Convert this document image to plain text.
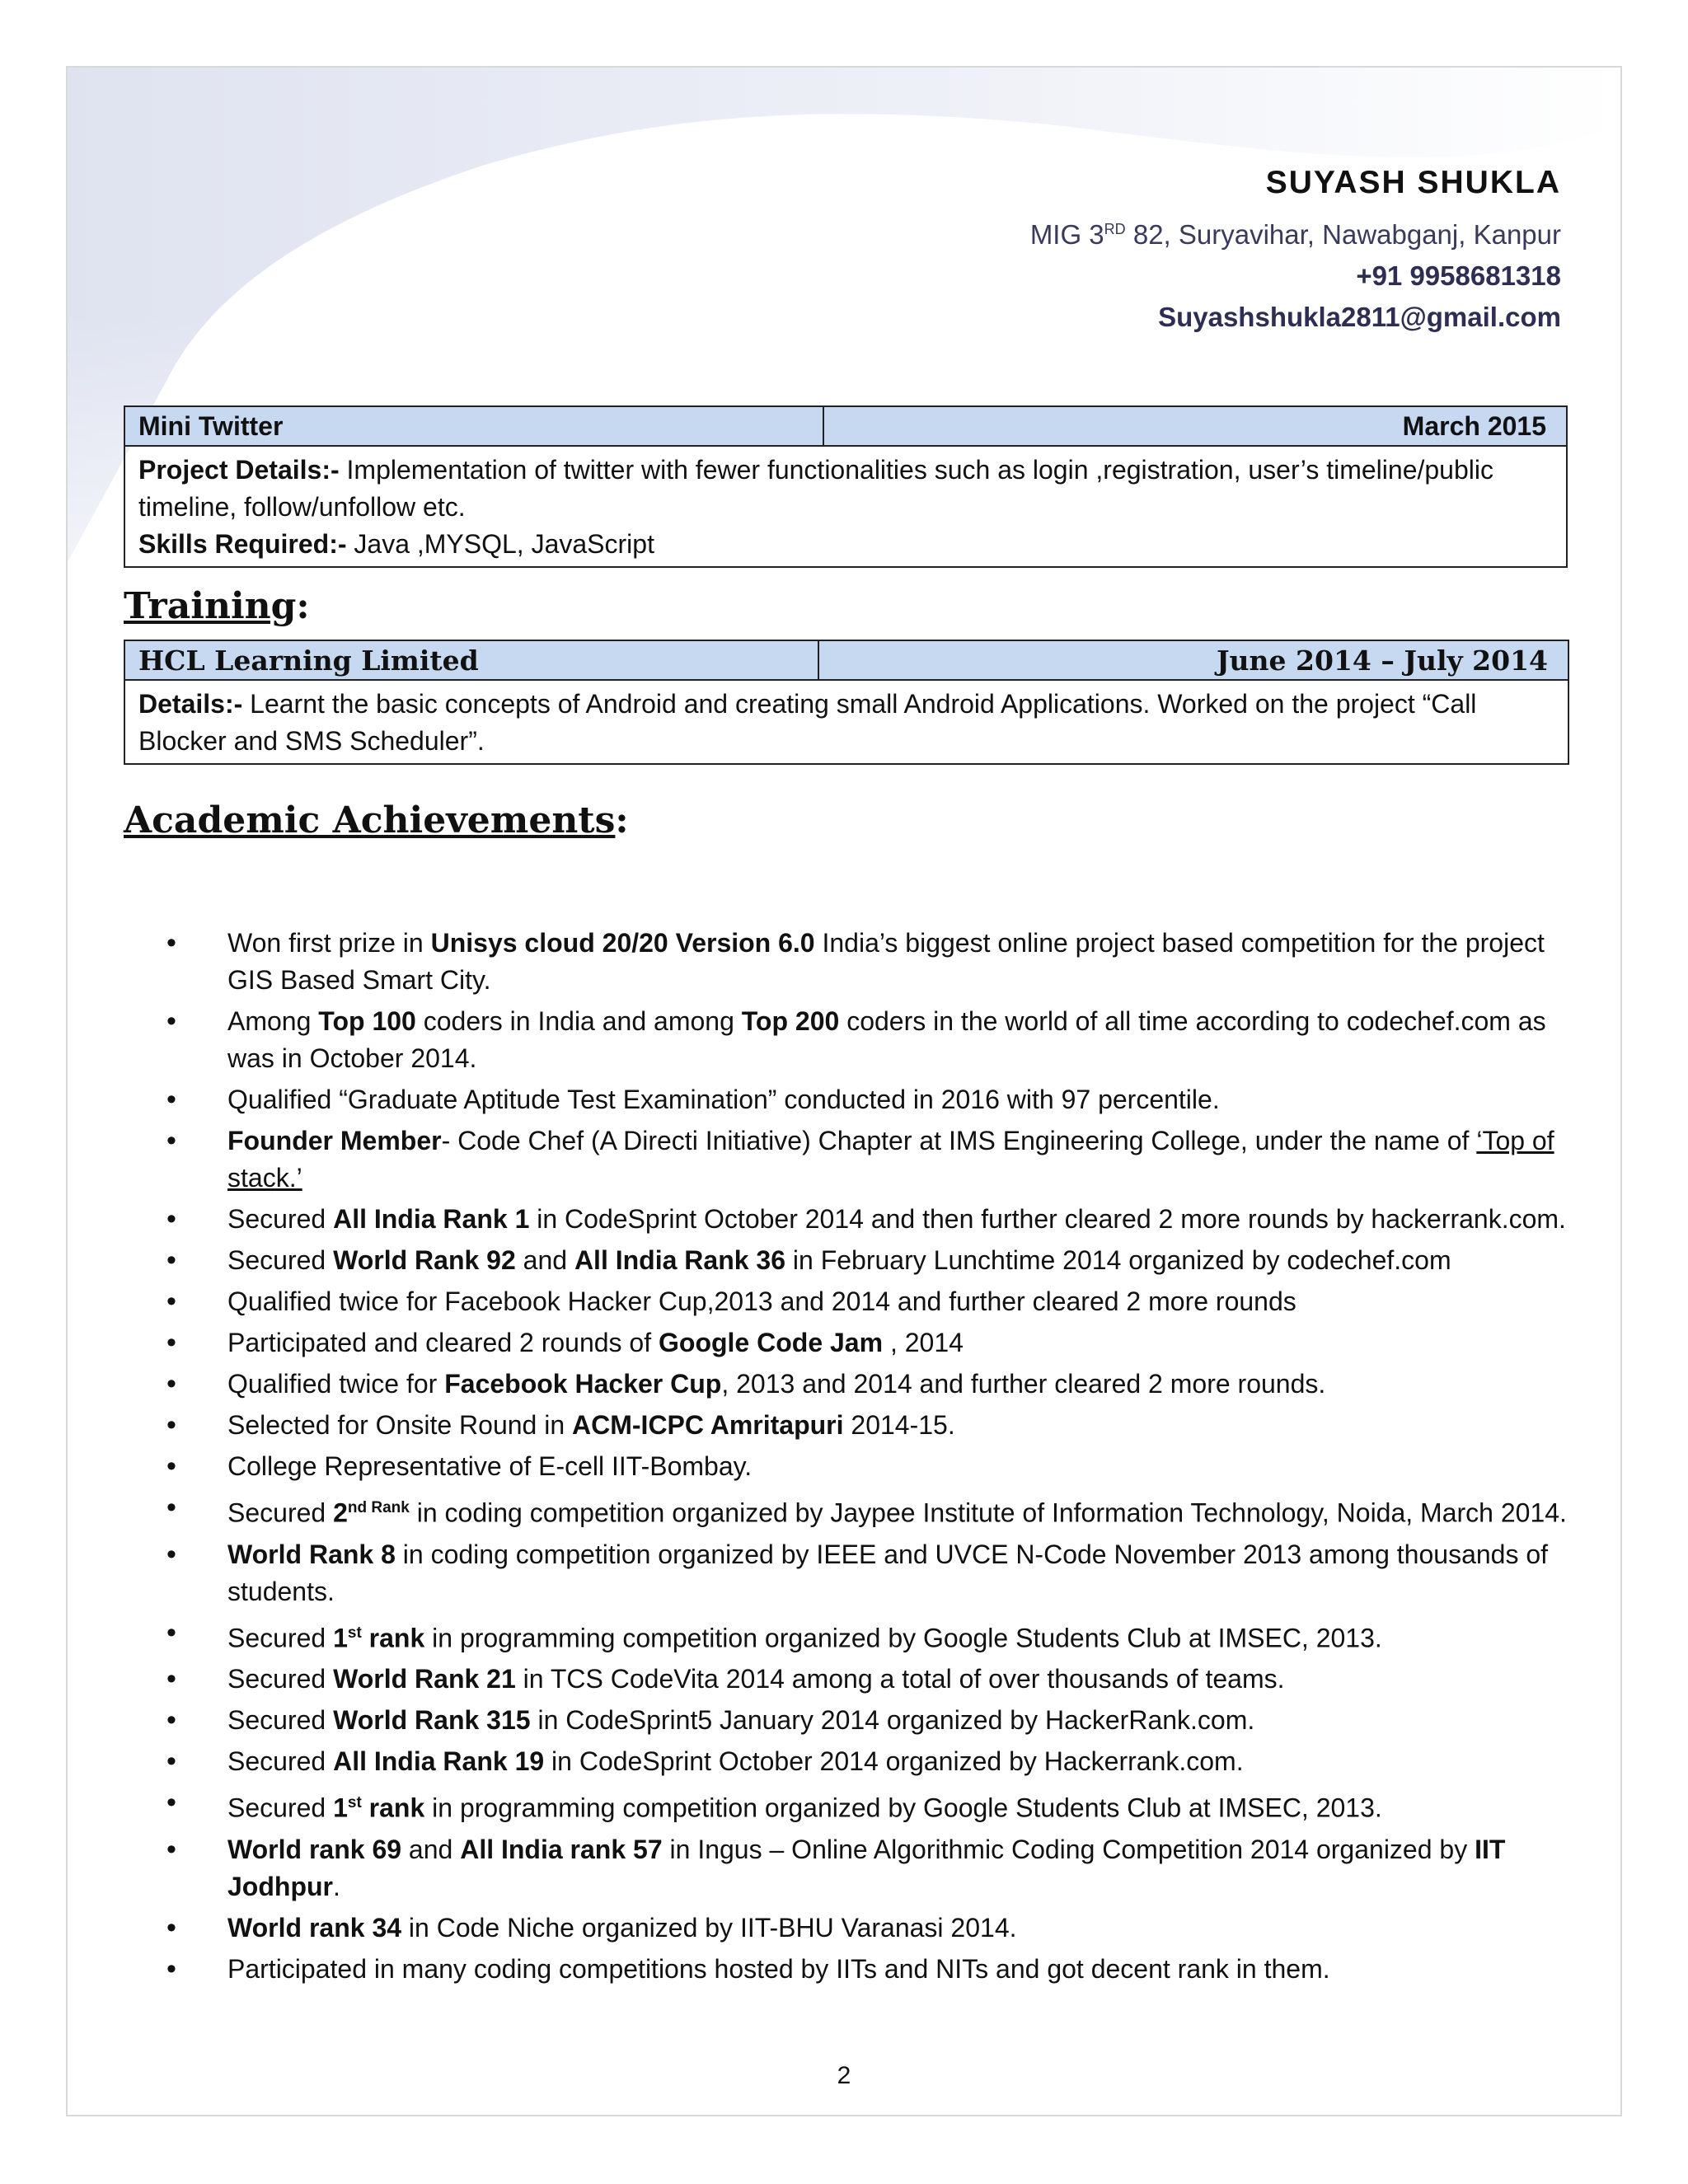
SUYASH SHUKLA
MIG 3RD 82, Suryavihar, Nawabganj, Kanpur
+91 9958681318
Suyashshukla2811@gmail.com
Mini Twitter	March 2015
Project Details:- Implementation of twitter with fewer functionalities such as login ,registration, user’s timeline/public timeline, follow/unfollow etc.
Skills Required:- Java ,MYSQL, JavaScript
Training:
HCL Learning Limited	June 2014 – July 2014
Details:- Learnt the basic concepts of Android and creating small Android Applications. Worked on the project “Call Blocker and SMS Scheduler”.
Academic Achievements:
• Won first prize in Unisys cloud 20/20 Version 6.0 India’s biggest online project based competition for the project GIS Based Smart City.
• Among Top 100 coders in India and among Top 200 coders in the world of all time according to codechef.com as was in October 2014.
• Qualified “Graduate Aptitude Test Examination” conducted in 2016 with 97 percentile.
• Founder Member- Code Chef (A Directi Initiative) Chapter at IMS Engineering College, under the name of ‘Top of stack.’
• Secured All India Rank 1 in CodeSprint October 2014 and then further cleared 2 more rounds by hackerrank.com.
• Secured World Rank 92 and All India Rank 36 in February Lunchtime 2014 organized by codechef.com
• Qualified twice for Facebook Hacker Cup,2013 and 2014 and further cleared 2 more rounds
• Participated and cleared 2 rounds of Google Code Jam , 2014
• Qualified twice for Facebook Hacker Cup, 2013 and 2014 and further cleared 2 more rounds.
• Selected for Onsite Round in ACM-ICPC Amritapuri 2014-15.
• College Representative of E-cell IIT-Bombay.
• Secured $2^{nd Rank}$ in coding competition organized by Jaypee Institute of Information Technology, Noida, March 2014.
• World Rank 8 in coding competition organized by IEEE and UVCE N-Code November 2013 among thousands of students.
• Secured 1st rank in programming competition organized by Google Students Club at IMSEC, 2013.
• Secured World Rank 21 in TCS CodeVita 2014 among a total of over thousands of teams.
• Secured World Rank 315 in CodeSprint5 January 2014 organized by HackerRank.com.
• Secured All India Rank 19 in CodeSprint October 2014 organized by Hackerrank.com.
• Secured 1st rank in programming competition organized by Google Students Club at IMSEC, 2013.
• World rank 69 and All India rank 57 in Ingus – Online Algorithmic Coding Competition 2014 organized by IIT Jodhpur.
• World rank 34 in Code Niche organized by IIT-BHU Varanasi 2014.
• Participated in many coding competitions hosted by IITs and NITs and got decent rank in them.
2
